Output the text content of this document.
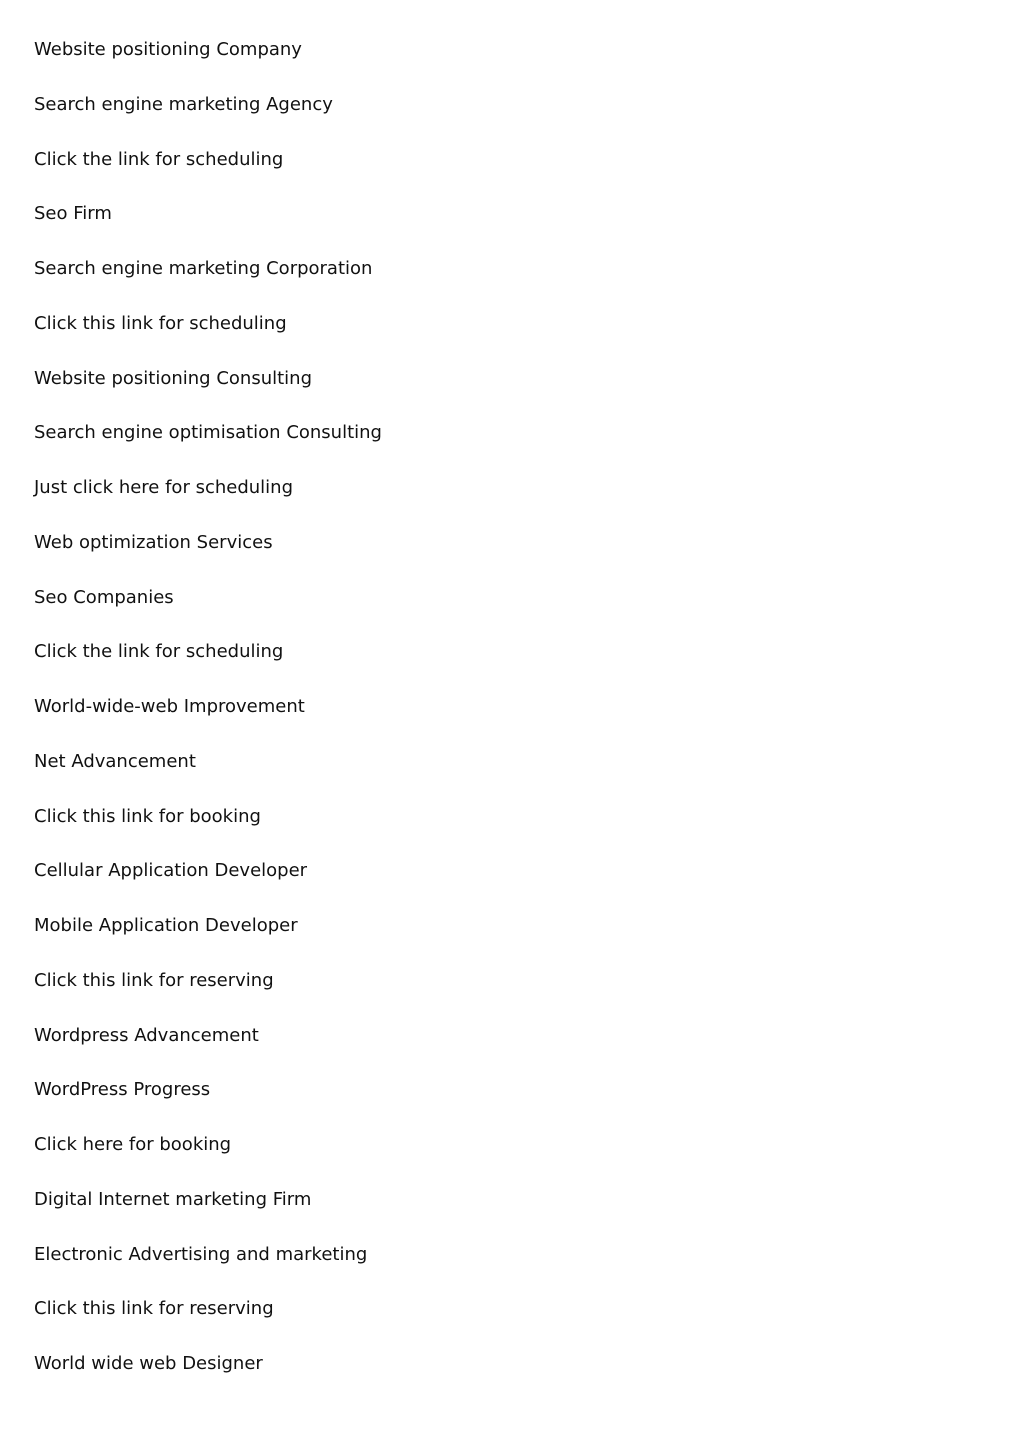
Website positioning Company
Search engine marketing Agency
Click the link for scheduling
Seo Firm
Search engine marketing Corporation
Click this link for scheduling
Website positioning Consulting
Search engine optimisation Consulting
Just click here for scheduling
Web optimization Services
Seo Companies
Click the link for scheduling
World-wide-web Improvement
Net Advancement
Click this link for booking
Cellular Application Developer
Mobile Application Developer
Click this link for reserving
Wordpress Advancement
WordPress Progress
Click here for booking
Digital Internet marketing Firm
Electronic Advertising and marketing
Click this link for reserving
World wide web Designer
